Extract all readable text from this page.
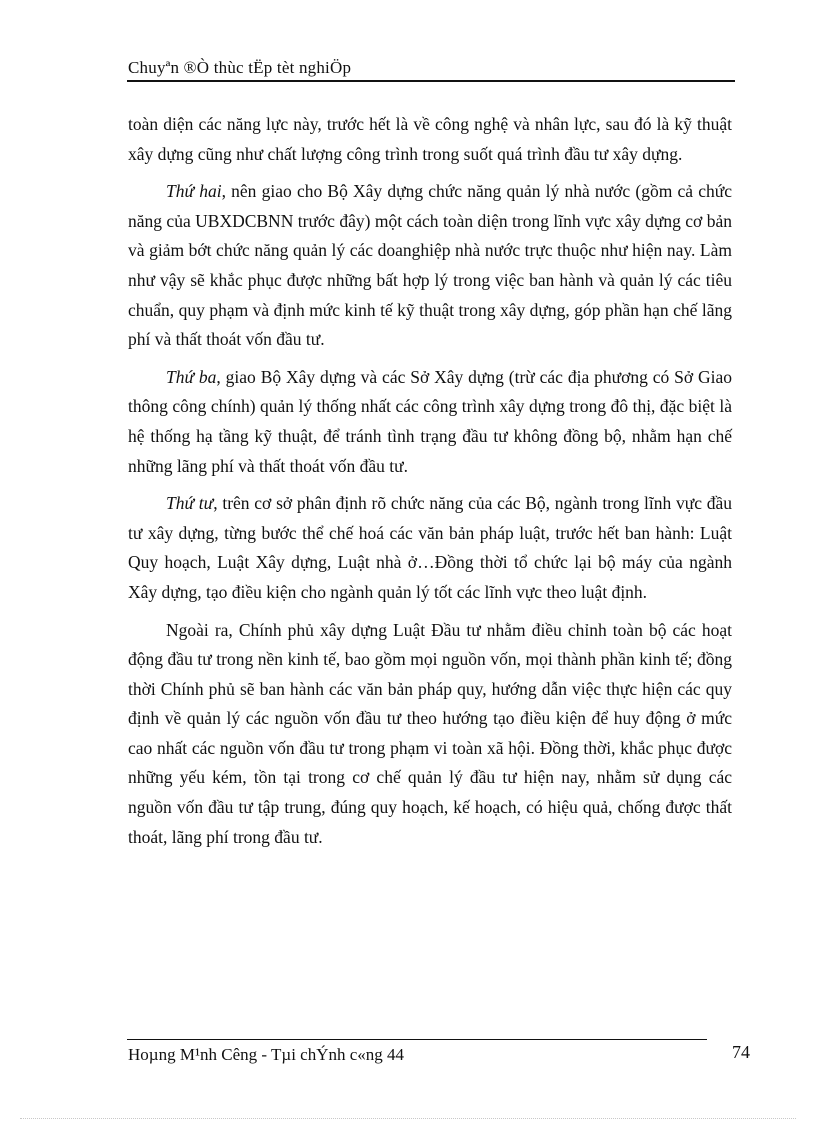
Chuyªn ®Ò thùc tËp tèt nghiÖp

toàn diện các năng lực này, trước hết là về công nghệ và nhân lực, sau đó là kỹ thuật xây dựng cũng như chất lượng công trình trong suốt quá trình đầu tư xây dựng.

Thứ hai, nên giao cho Bộ Xây dựng chức năng quản lý nhà nước (gồm cả chức năng của UBXDCBNN trước đây) một cách toàn diện trong lĩnh vực xây dựng cơ bản và giảm bớt chức năng quản lý các doanghiệp nhà nước trực thuộc như hiện nay. Làm như vậy sẽ khắc phục được những bất hợp lý trong việc ban hành và quản lý các tiêu chuẩn, quy phạm và định mức kinh tế kỹ thuật trong xây dựng, góp phần hạn chế lãng phí và thất thoát vốn đầu tư.

Thứ ba, giao Bộ Xây dựng và các Sở Xây dựng (trừ các địa phương có Sở Giao thông công chính) quản lý thống nhất các công trình xây dựng trong đô thị, đặc biệt là hệ thống hạ tầng kỹ thuật, để tránh tình trạng đầu tư không đồng bộ, nhằm hạn chế những lãng phí và thất thoát vốn đầu tư.

Thứ tư, trên cơ sở phân định rõ chức năng của các Bộ, ngành trong lĩnh vực đầu tư xây dựng, từng bước thể chế hoá các văn bản pháp luật, trước hết ban hành: Luật Quy hoạch, Luật Xây dựng, Luật nhà ở…Đồng thời tổ chức lại bộ máy của ngành Xây dựng, tạo điều kiện cho ngành quản lý tốt các lĩnh vực theo luật định.

Ngoài ra, Chính phủ xây dựng Luật Đầu tư nhằm điều chỉnh toàn bộ các hoạt động đầu tư trong nền kinh tế, bao gồm mọi nguồn vốn, mọi thành phần kinh tế; đồng thời Chính phủ sẽ ban hành các văn bản pháp quy, hướng dẫn việc thực hiện các quy định về quản lý các nguồn vốn đầu tư theo hướng tạo điều kiện để huy động ở mức cao nhất các nguồn vốn đầu tư trong phạm vi toàn xã hội. Đồng thời, khắc phục được những yếu kém, tồn tại trong cơ chế quản lý đầu tư hiện nay, nhằm sử dụng các nguồn vốn đầu tư tập trung, đúng quy hoạch, kế hoạch, có hiệu quả, chống được thất thoát, lãng phí trong đầu tư.

Hoµng M¹nh Cêng - Tµi chÝnh c«ng 44	74
